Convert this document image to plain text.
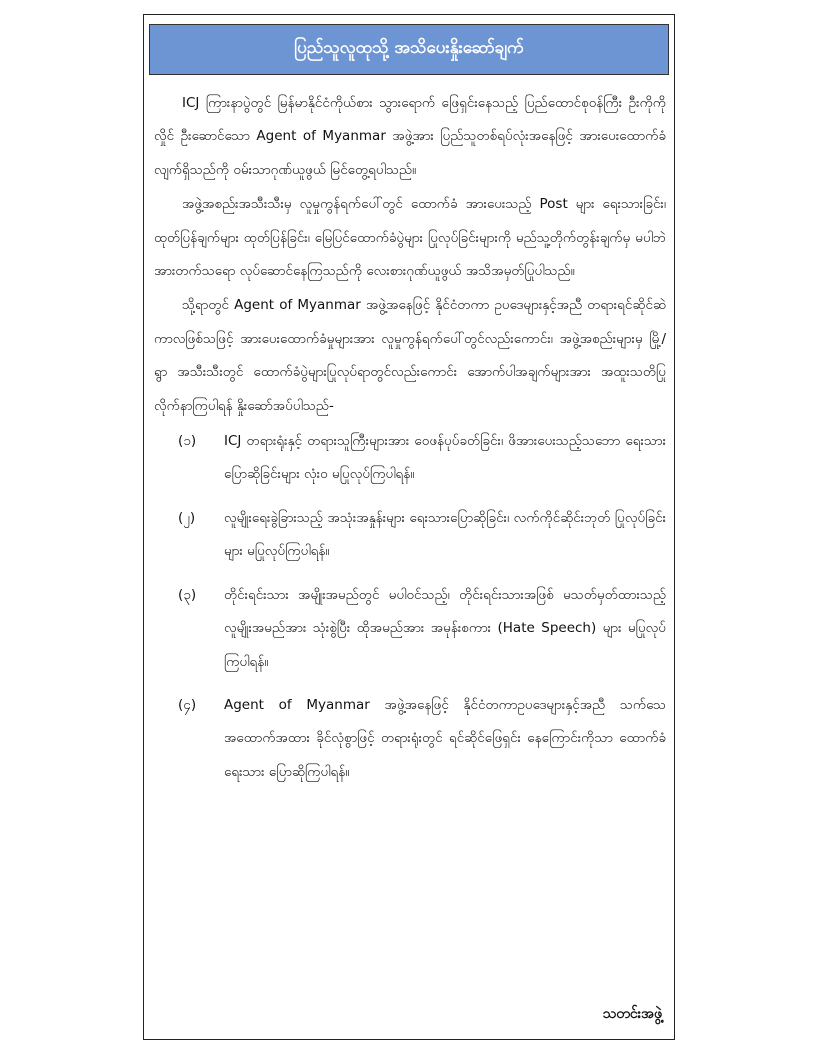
ပြည်သူလူထုသို့ အသိပေးနှိုးဆော်ချက်

ICJ ကြားနာပွဲတွင် မြန်မာနိုင်ငံကိုယ်စား သွားရောက် ဖြေရှင်းနေသည့် ပြည်ထောင်စုဝန်ကြီး ဦးကိုကိုလှိုင် ဦးဆောင်သော Agent of Myanmar အဖွဲ့အား ပြည်သူတစ်ရပ်လုံးအနေဖြင့် အားပေးထောက်ခံလျက်ရှိသည်ကို ဝမ်းသာဂုဏ်ယူဖွယ် မြင်တွေ့ရပါသည်။

အဖွဲ့အစည်းအသီးသီးမှ လူမှုကွန်ရက်ပေါ်တွင် ထောက်ခံ အားပေးသည့် Post များ ရေးသားခြင်း၊ ထုတ်ပြန်ချက်များ ထုတ်ပြန်ခြင်း၊ မြေပြင်ထောက်ခံပွဲများ ပြုလုပ်ခြင်းများကို မည်သူ့တိုက်တွန်းချက်မှ မပါဘဲ အားတက်သရော လုပ်ဆောင်နေကြသည်ကို လေးစားဂုဏ်ယူဖွယ် အသိအမှတ်ပြုပါသည်။

သို့ရာတွင် Agent of Myanmar အဖွဲ့အနေဖြင့် နိုင်ငံတကာ ဥပဒေများနှင့်အညီ တရားရင်ဆိုင်ဆဲကာလဖြစ်သဖြင့် အားပေးထောက်ခံမှုများအား လူမှုကွန်ရက်ပေါ်တွင်လည်းကောင်း၊ အဖွဲ့အစည်းများမှ မြို့/ရွာ အသီးသီးတွင် ထောက်ခံပွဲများပြုလုပ်ရာတွင်လည်းကောင်း အောက်ပါအချက်များအား အထူးသတိပြု လိုက်နာကြပါရန် နှိုးဆော်အပ်ပါသည်-

(၁)	ICJ တရားရုံးနှင့် တရားသူကြီးများအား ဝေဖန်ပုပ်ခတ်ခြင်း၊ ဖိအားပေးသည့်သဘော ရေးသားပြောဆိုခြင်းများ လုံးဝ မပြုလုပ်ကြပါရန်။
(၂)	လူမျိုးရေးခွဲခြားသည့် အသုံးအနှုန်းများ ရေးသားပြောဆိုခြင်း၊ လက်ကိုင်ဆိုင်းဘုတ် ပြုလုပ်ခြင်းများ မပြုလုပ်ကြပါရန်။
(၃)	တိုင်းရင်းသား အမျိုးအမည်တွင် မပါဝင်သည့်၊ တိုင်းရင်းသားအဖြစ် မသတ်မှတ်ထားသည့် လူမျိုးအမည်အား သုံးစွဲပြီး ထိုအမည်အား အမုန်းစကား (Hate Speech) များ မပြုလုပ်ကြပါရန်။
(၄)	Agent of Myanmar အဖွဲ့အနေဖြင့် နိုင်ငံတကာဥပဒေများနှင့်အညီ သက်သေအထောက်အထား ခိုင်လုံစွာဖြင့် တရားရုံးတွင် ရင်ဆိုင်ဖြေရှင်း နေကြောင်းကိုသာ ထောက်ခံရေးသား ပြောဆိုကြပါရန်။
သတင်းအဖွဲ့
